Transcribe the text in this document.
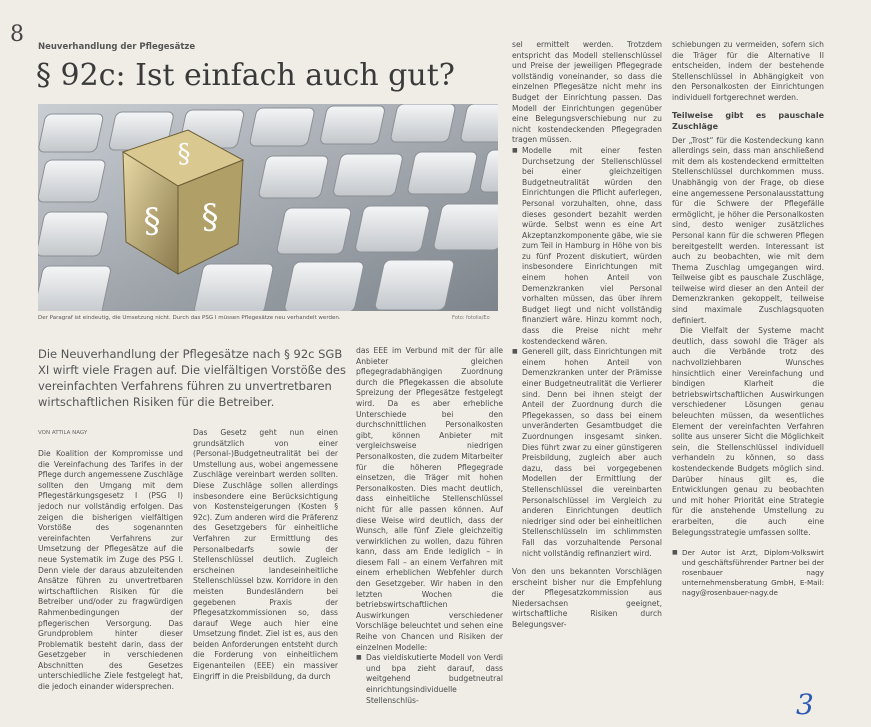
8 Neuverhandlung der Pflegesätze
§ 92c: Ist einfach auch gut?
§
§ §
Der Paragraf ist eindeutig, die Umsetzung nicht. Durch das PSG I müssen Pflegesätze neu verhandelt werden.	Foto: fotolia/Eo
Die Neuverhandlung der Pflegesätze nach § 92c SGB XI wirft viele Fragen auf. Die vielfältigen Vorstöße des vereinfachten Verfahrens führen zu unvertretbaren wirtschaftlichen Risiken für die Betreiber.
VON ATTILA NAGY

Die Koalition der Kompromisse und die Vereinfachung des Tarifes in der Pflege durch angemessene Zuschläge sollten den Umgang mit dem Pflegestärkungsgesetz I (PSG I) jedoch nur vollständig erfolgen. Das zeigen die bisherigen vielfältigen Vorstöße des sogenannten vereinfachten Verfahrens zur Umsetzung der Pflegesätze auf die neue Systematik im Zuge des PSG I. Denn viele der daraus abzuleitenden Ansätze führen zu unvertretbaren wirtschaftlichen Risiken für die Betreiber und/oder zu fragwürdigen Rahmenbedingungen der pflegerischen Versorgung. Das Grundproblem hinter dieser Problematik besteht darin, dass der Gesetzgeber in verschiedenen Abschnitten des Gesetzes unterschiedliche Ziele festgelegt hat, die jedoch einander widersprechen.

Das Gesetz geht nun einen grundsätzlich von einer (Personal-)Budgetneutralität bei der Umstellung aus, wobei angemessene Zuschläge vereinbart werden sollten. Diese Zuschläge sollen allerdings insbesondere eine Berücksichtigung von Kostensteigerungen (Kosten § 92c). Zum anderen wird die Präferenz des Gesetzgebers für einheitliche Verfahren zur Ermittlung des Personalbedarfs sowie der Stellenschlüssel deutlich. Zugleich erscheinen landeseinheitliche Stellenschlüssel bzw. Korridore in den meisten Bundesländern bei gegebenen Praxis der Pflegesatzkommissionen so, dass darauf Wege auch hier eine Umsetzung findet. Ziel ist es, aus den beiden Anforderungen entsteht durch die Forderung von einheitlichem Eigenanteilen (EEE) ein massiver Eingriff in die Preisbildung, da durch

das EEE im Verbund mit der für alle Anbieter gleichen pflegegradabhängigen Zuordnung durch die Pflegekassen die absolute Spreizung der Pflegesätze festgelegt wird. Da es aber erhebliche Unterschiede bei den durchschnittlichen Personalkosten gibt, können Anbieter mit vergleichsweise niedrigen Personalkosten, die zudem Mitarbeiter für die höheren Pflegegrade einsetzen, die Träger mit hohen Personalkosten. Dies macht deutlich, dass einheitliche Stellenschlüssel nicht für alle passen können. Auf diese Weise wird deutlich, dass der Wunsch, alle fünf Ziele gleichzeitig verwirklichen zu wollen, dazu führen kann, dass am Ende lediglich – in diesem Fall – an einem Verfahren mit einem erheblichen Webfehler durch den Gesetzgeber. Wir haben in den letzten Wochen die betriebswirtschaftlichen Auswirkungen verschiedener Vorschläge beleuchtet und sehen eine Reihe von Chancen und Risiken der einzelnen Modelle:

■ Das vieldiskutierte Modell von Verdi und bpa zieht darauf, dass weitgehend budgetneutral einrichtungsindividuelle Stellenschlüs-

sel ermittelt werden. Trotzdem entspricht das Modell stellenschlüssel und Preise der jeweiligen Pflegegrade vollständig voneinander, so dass die einzelnen Pflegesätze nicht mehr ins Budget der Einrichtung passen. Das Modell der Einrichtungen gegenüber eine Belegungsverschiebung nur zu nicht kostendeckenden Pflegegraden tragen müssen.

■ Modelle mit einer festen Durchsetzung der Stellenschlüssel bei einer gleichzeitigen Budgetneutralität würden den Einrichtungen die Pflicht auferlegen, Personal vorzuhalten, ohne, dass dieses gesondert bezahlt werden würde. Selbst wenn es eine Art Akzeptanzkomponente gäbe, wie sie zum Teil in Hamburg in Höhe von bis zu fünf Prozent diskutiert, würden insbesondere Einrichtungen mit einem hohen Anteil von Demenzkranken viel Personal vorhalten müssen, das über ihrem Budget liegt und nicht vollständig finanziert wäre. Hinzu kommt noch, dass die Preise nicht mehr kostendeckend wären.
■ Generell gilt, dass Einrichtungen mit einem hohen Anteil von Demenzkranken unter der Prämisse einer Budgetneutralität die Verlierer sind. Denn bei ihnen steigt der Anteil der Zuordnung durch die Pflegekassen, so dass bei einem unveränderten Gesamtbudget die Zuordnungen insgesamt sinken. Dies führt zwar zu einer günstigeren Preisbildung, zugleich aber auch dazu, dass bei vorgegebenen Modellen der Ermittlung der Stellenschlüssel die vereinbarten Personalschlüssel im Vergleich zu anderen Einrichtungen deutlich niedriger sind oder bei einheitlichen Stellenschlüsseln im schlimmsten Fall das vorzuhaltende Personal nicht vollständig refinanziert wird.

Von den uns bekannten Vorschlägen erscheint bisher nur die Empfehlung der Pflegesatzkommission aus Niedersachsen geeignet, wirtschaftliche Risiken durch Belegungsver-

schiebungen zu vermeiden, sofern sich die Träger für die Alternative II entscheiden, indem der bestehende Stellenschlüssel in Abhängigkeit von den Personalkosten der Einrichtungen individuell fortgerechnet werden.

Teilweise gibt es pauschale Zuschläge

Der „Trost“ für die Kostendeckung kann allerdings sein, dass man anschließend mit dem als kostendeckend ermittelten Stellenschlüssel durchkommen muss. Unabhängig von der Frage, ob diese eine angemessene Personalausstattung für die Schwere der Pflegefälle ermöglicht, je höher die Personalkosten sind, desto weniger zusätzliches Personal kann für die schweren Pflegen bereitgestellt werden. Interessant ist auch zu beobachten, wie mit dem Thema Zuschlag umgegangen wird. Teilweise gibt es pauschale Zuschläge, teilweise wird dieser an den Anteil der Demenzkranken gekoppelt, teilweise sind maximale Zuschlagsquoten definiert.

Die Vielfalt der Systeme macht deutlich, dass sowohl die Träger als auch die Verbände trotz des nachvollziehbaren Wunsches hinsichtlich einer Vereinfachung und bindigen Klarheit die betriebswirtschaftlichen Auswirkungen verschiedener Lösungen genau beleuchten müssen, da wesentliches Element der vereinfachten Verfahren sollte aus unserer Sicht die Möglichkeit sein, die Stellenschlüssel individuell verhandeln zu können, so dass kostendeckende Budgets möglich sind. Darüber hinaus gilt es, die Entwicklungen genau zu beobachten und mit hoher Priorität eine Strategie für die anstehende Umstellung zu erarbeiten, die auch eine Belegungsstrategie umfassen sollte.

■ Der Autor ist Arzt, Diplom-Volkswirt und geschäftsführender Partner bei der rosenbauer nagy unternehmensberatung GmbH, E-Mail: nagy@rosenbauer-nagy.de
3
